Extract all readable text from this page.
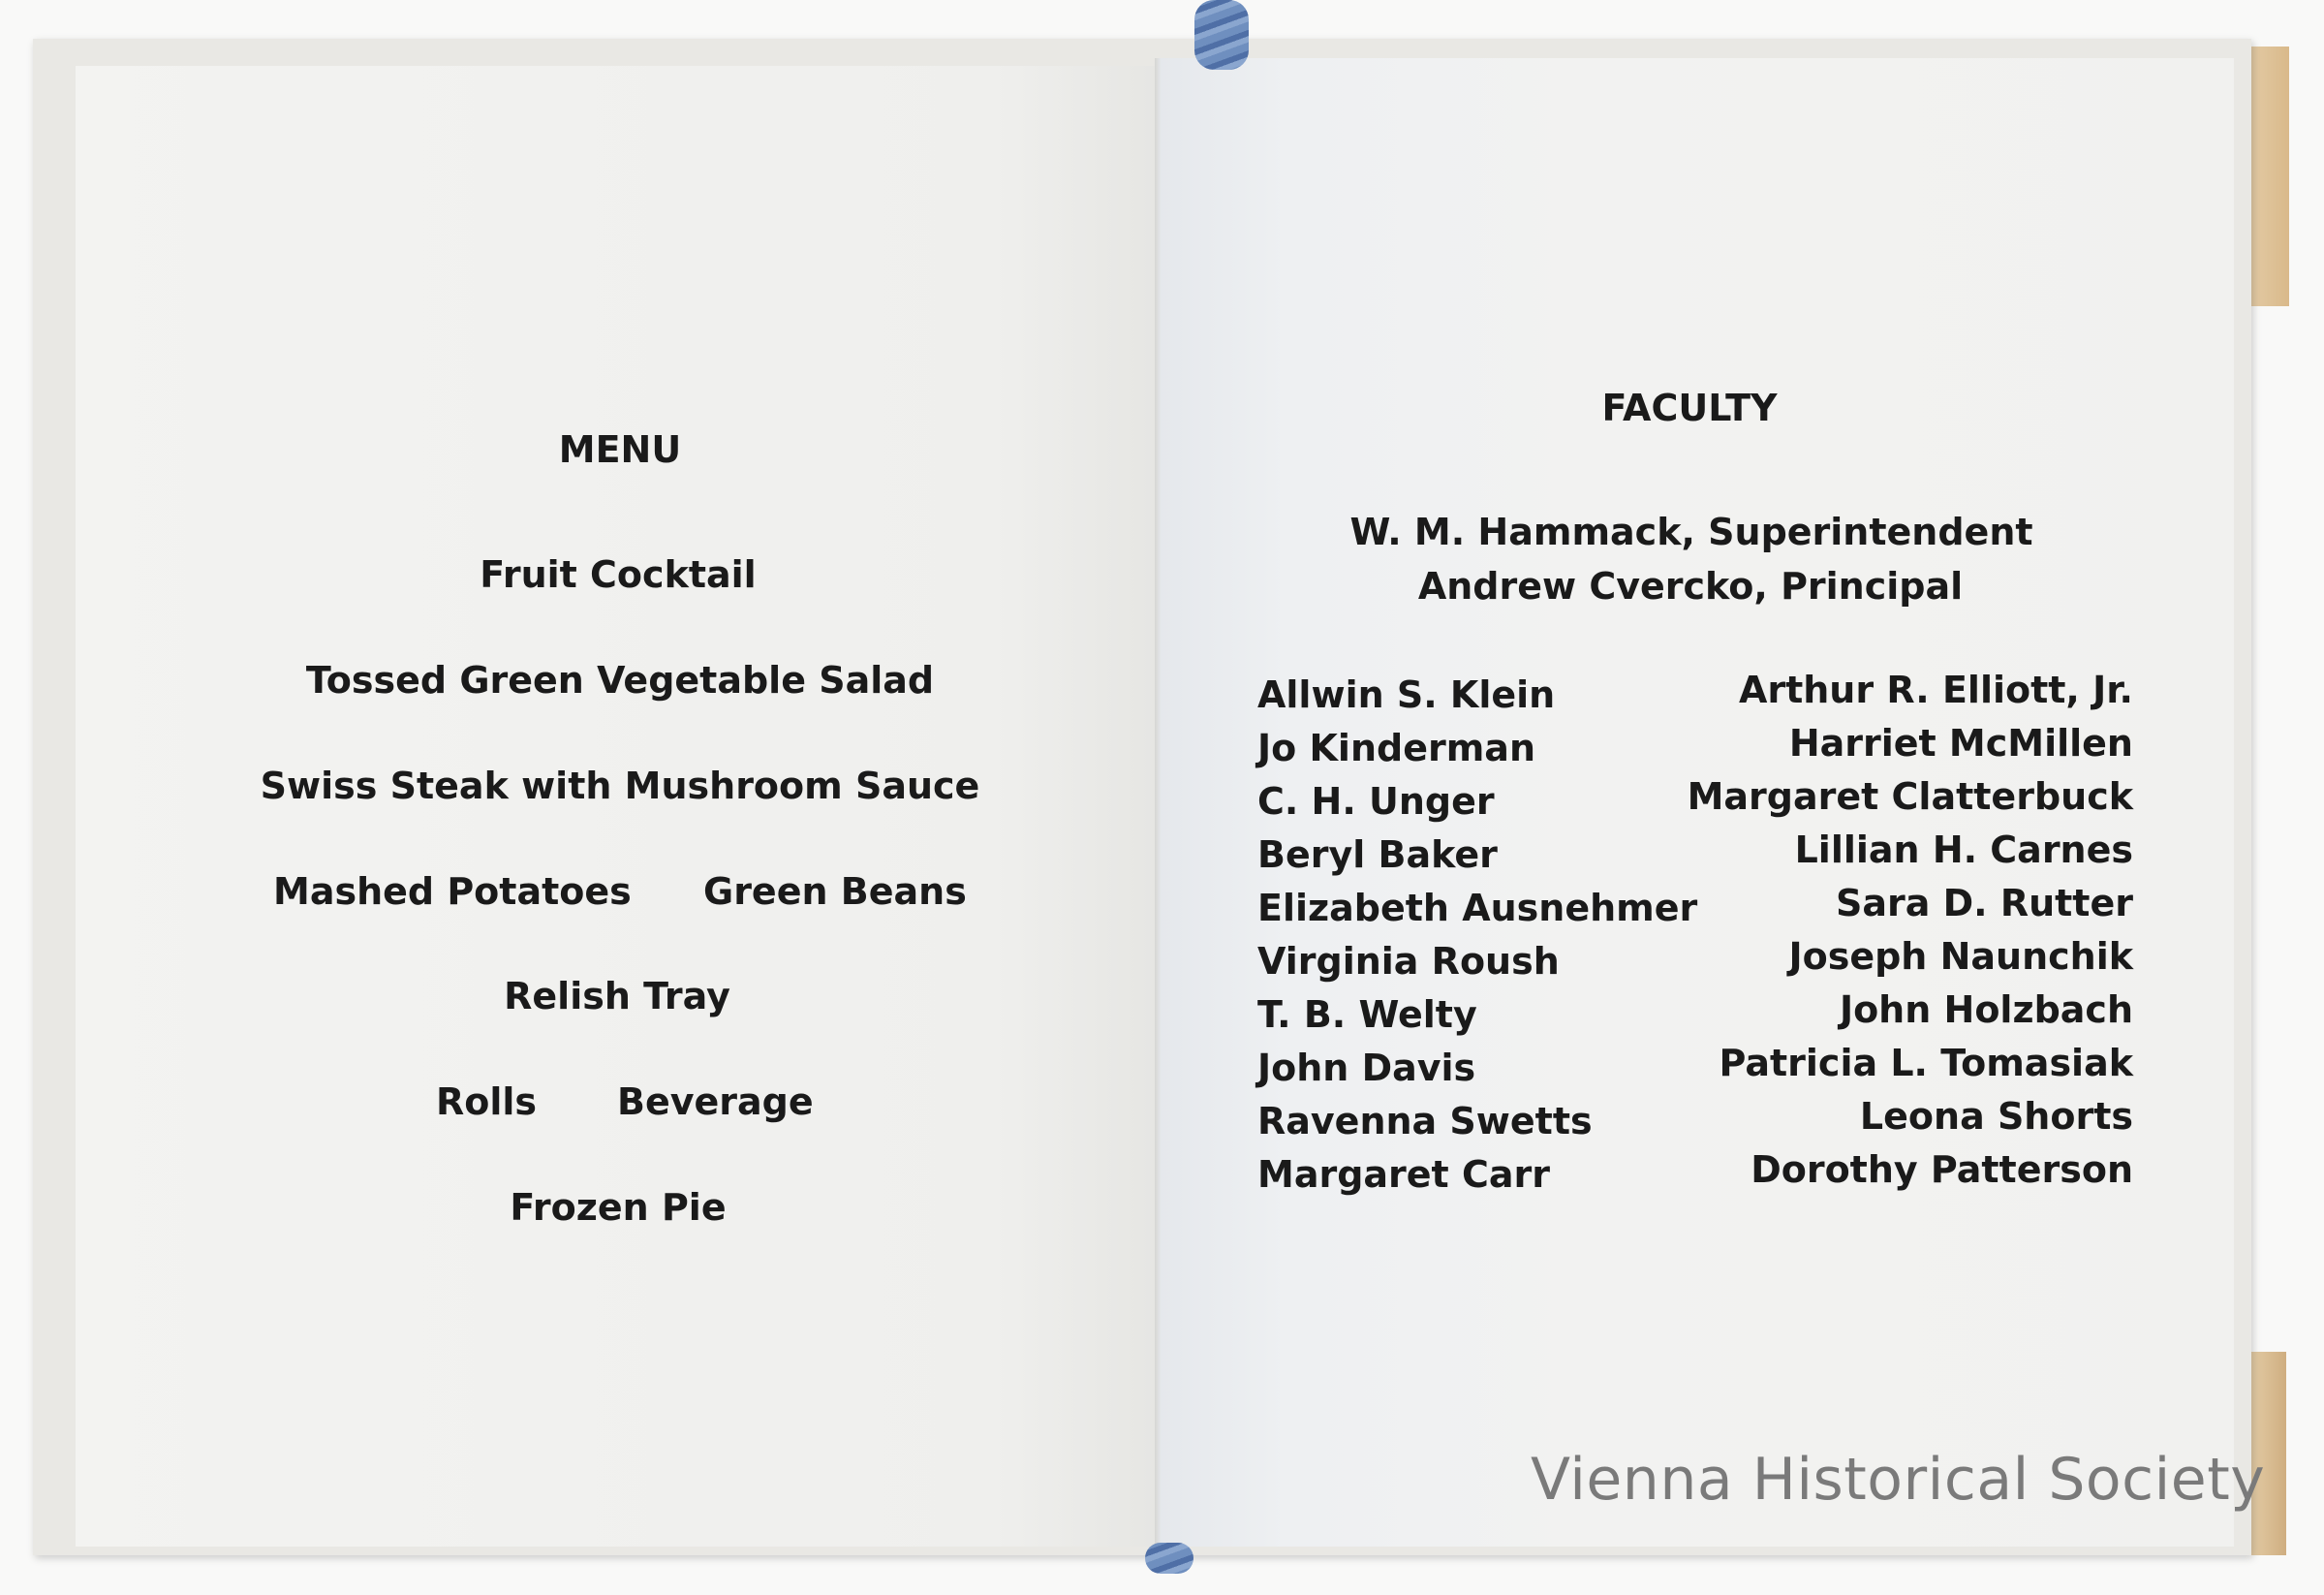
MENU
Fruit Cocktail
Tossed Green Vegetable Salad
Swiss Steak with Mushroom Sauce
Mashed Potatoes Green Beans
Relish Tray
Rolls Beverage
Frozen Pie
FACULTY
W. M. Hammack, Superintendent
Andrew Cvercko, Principal
Allwin S. Klein
Jo Kinderman
C. H. Unger
Beryl Baker
Elizabeth Ausnehmer
Virginia Roush
T. B. Welty
John Davis
Ravenna Swetts
Margaret Carr
Arthur R. Elliott, Jr.
Harriet McMillen
Margaret Clatterbuck
Lillian H. Carnes
Sara D. Rutter
Joseph Naunchik
John Holzbach
Patricia L. Tomasiak
Leona Shorts
Dorothy Patterson
Vienna Historical Society
